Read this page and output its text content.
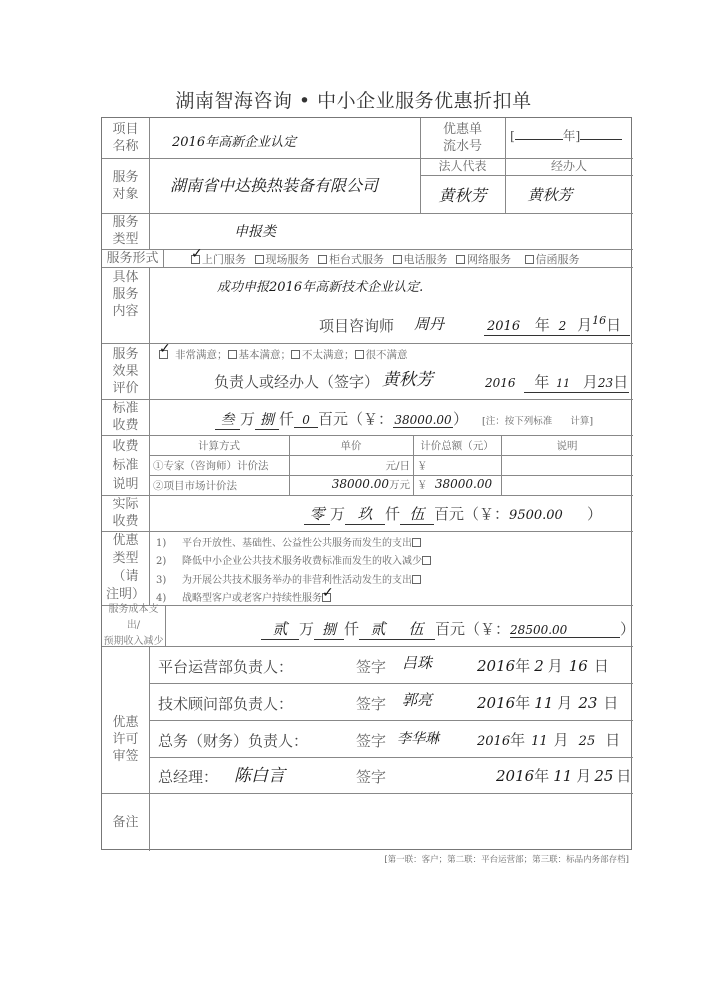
湖南智海咨询 • 中小企业服务优惠折扣单
项目
名称	2016年高新企业认定
优惠单
流水号
[	年]
服务
对象 湖南省中达换热装备有限公司
法人代表	经办人
黄秋芳	黄秋芳
服务
类型	申报类
服务形式 ✓	上门服务 现场服务 柜台式服务 电话服务 网络服务 信函服务
具体
服务
内容
成功申报2016年高新技术企业认定.
项目咨询师 周丹	2016 年 2 月$^{16}$日
服务
效果
评价
✓非常满意； 基本满意； 不太满意； 很不满意
负责人或经办人（签字） 黄秋芳	2016 年 11 月23日
标准
收费	叁 万 捌 仟 0 百元（￥：38000.00） [注：按下列标准      计算]
收费
标准
说明
计算方式	单价	计价总额（元）	说明
①专家（咨询师）计价法	元/日 ￥
②项目市场计价法	38000.00万元 ￥ 38000.00
实际
收费	零 万 玖 仟 伍 百元（￥：9500.00 ）
优惠
类型
（请
注明）
1) 平台开放性、基础性、公益性公共服务而发生的支出
2) 降低中小企业公共技术服务收费标准而发生的收入减少
3) 为开展公共技术服务举办的非营利性活动发生的支出
4) 战略型客户或老客户持续性服务✓
服务成本支出/
预期收入减少
贰 万 捌 仟 贰 伍 百元（￥：28500.00	）
优惠
许可
审签
平台运营部负责人：	签字 吕珠	2016年 2 月 16 日
技术顾问部负责人：	签字 郭亮	2016年 11 月 23 日
总务（财务）负责人：	签字 李华琳	2016年 11 月 25 日
总经理： 陈白言	签字	2016年 11 月 25 日
备注
[第一联：客户；第二联：平台运营部；第三联：标品内务部存档]
